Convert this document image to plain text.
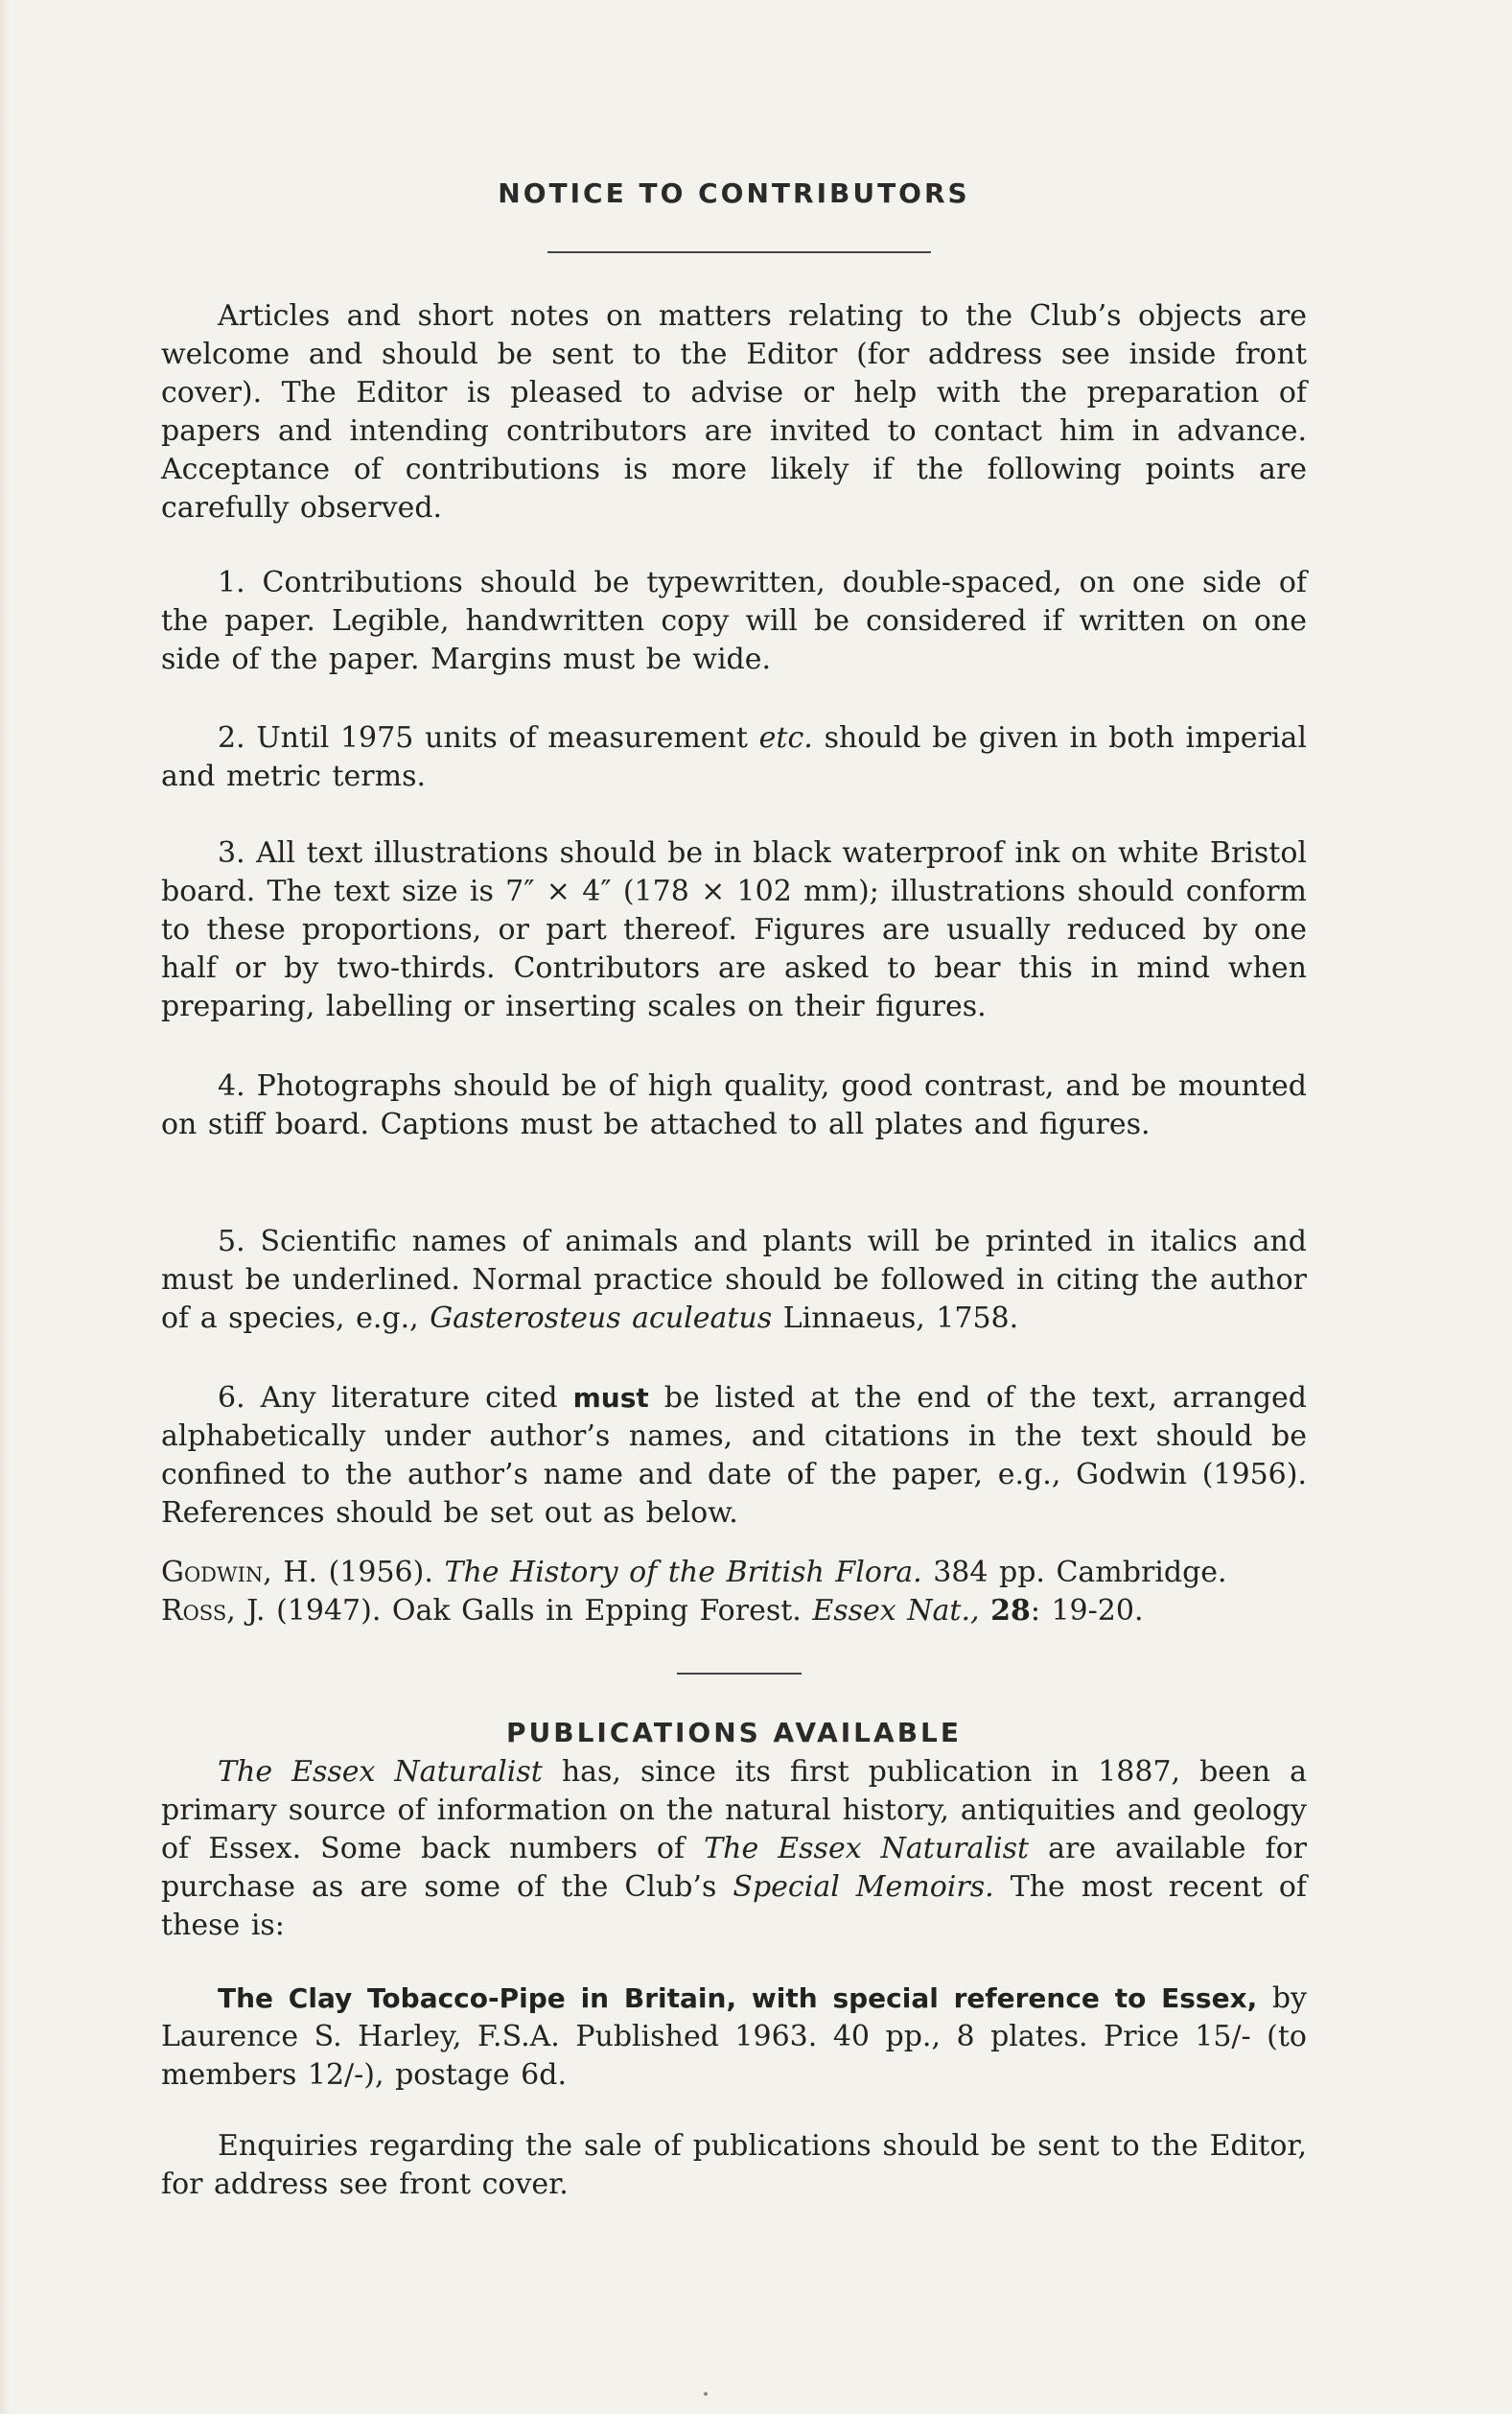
NOTICE TO CONTRIBUTORS

Articles and short notes on matters relating to the Club’s objects are welcome and should be sent to the Editor (for address see inside front cover). The Editor is pleased to advise or help with the preparation of papers and intending contributors are invited to contact him in advance. Acceptance of contributions is more likely if the following points are carefully observed.

1. Contributions should be typewritten, double-spaced, on one side of the paper. Legible, handwritten copy will be considered if written on one side of the paper. Margins must be wide.

2. Until 1975 units of measurement etc. should be given in both imperial and metric terms.

3. All text illustrations should be in black waterproof ink on white Bristol board. The text size is 7″ × 4″ (178 × 102 mm); illustrations should conform to these proportions, or part thereof. Figures are usually reduced by one half or by two-thirds. Contributors are asked to bear this in mind when preparing, labelling or inserting scales on their figures.

4. Photographs should be of high quality, good contrast, and be mounted on stiff board. Captions must be attached to all plates and figures.

5. Scientific names of animals and plants will be printed in italics and must be underlined. Normal practice should be followed in citing the author of a species, e.g., Gasterosteus aculeatus Linnaeus, 1758.

6. Any literature cited must be listed at the end of the text, arranged alphabetically under author’s names, and citations in the text should be confined to the author’s name and date of the paper, e.g., Godwin (1956). References should be set out as below.

Godwin, H. (1956). The History of the British Flora. 384 pp. Cambridge.

Ross, J. (1947). Oak Galls in Epping Forest. Essex Nat., 28: 19-20.

PUBLICATIONS AVAILABLE

The Essex Naturalist has, since its first publication in 1887, been a primary source of information on the natural history, antiquities and geology of Essex. Some back numbers of The Essex Naturalist are available for purchase as are some of the Club’s Special Memoirs. The most recent of these is:

The Clay Tobacco-Pipe in Britain, with special reference to Essex, by Laurence S. Harley, F.S.A. Published 1963. 40 pp., 8 plates. Price 15/- (to members 12/-), postage 6d.

Enquiries regarding the sale of publications should be sent to the Editor, for address see front cover.
